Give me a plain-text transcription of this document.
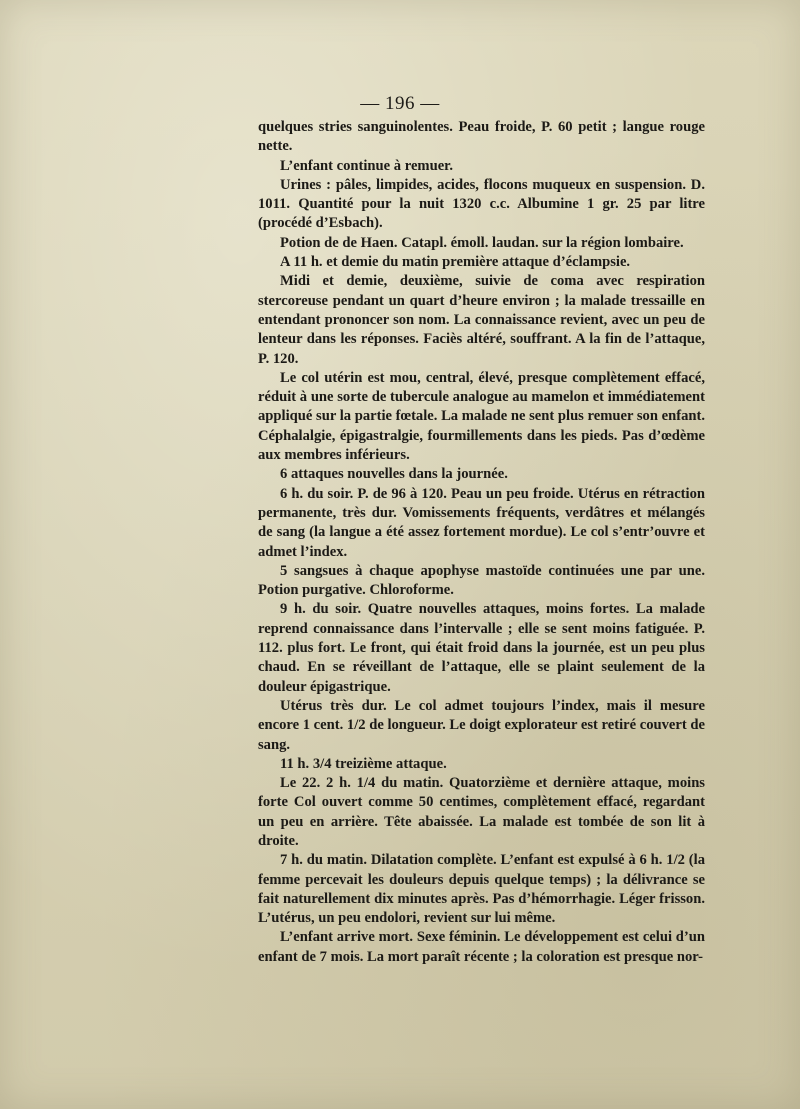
— 196 —

quelques stries sanguinolentes. Peau froide, P. 60 petit ; langue rouge nette.

L’enfant continue à remuer.

Urines : pâles, limpides, acides, flocons muqueux en suspension. D. 1011. Quantité pour la nuit 1320 c.c. Albumine 1 gr. 25 par litre (procédé d’Esbach).

Potion de de Haen. Catapl. émoll. laudan. sur la région lombaire.

A 11 h. et demie du matin première attaque d’éclampsie.

Midi et demie, deuxième, suivie de coma avec respiration stercoreuse pendant un quart d’heure environ ; la malade tressaille en entendant prononcer son nom. La connaissance revient, avec un peu de lenteur dans les réponses. Faciès altéré, souffrant. A la fin de l’attaque, P. 120.

Le col utérin est mou, central, élevé, presque complètement effacé, réduit à une sorte de tubercule analogue au mamelon et immédiatement appliqué sur la partie fœtale. La malade ne sent plus remuer son enfant. Céphalalgie, épigastralgie, fourmillements dans les pieds. Pas d’œdème aux membres inférieurs.

6 attaques nouvelles dans la journée.

6 h. du soir. P. de 96 à 120. Peau un peu froide. Utérus en rétraction permanente, très dur. Vomissements fréquents, verdâtres et mélangés de sang (la langue a été assez fortement mordue). Le col s’entr’ouvre et admet l’index.

5 sangsues à chaque apophyse mastoïde continuées une par une. Potion purgative. Chloroforme.

9 h. du soir. Quatre nouvelles attaques, moins fortes. La malade reprend connaissance dans l’intervalle ; elle se sent moins fatiguée. P. 112. plus fort. Le front, qui était froid dans la journée, est un peu plus chaud. En se réveillant de l’attaque, elle se plaint seulement de la douleur épigastrique.

Utérus très dur. Le col admet toujours l’index, mais il mesure encore 1 cent. 1/2 de longueur. Le doigt explorateur est retiré couvert de sang.

11 h. 3/4 treizième attaque.

Le 22. 2 h. 1/4 du matin. Quatorzième et dernière attaque, moins forte Col ouvert comme 50 centimes, complètement effacé, regardant un peu en arrière. Tête abaissée. La malade est tombée de son lit à droite.

7 h. du matin. Dilatation complète. L’enfant est expulsé à 6 h. 1/2 (la femme percevait les douleurs depuis quelque temps) ; la délivrance se fait naturellement dix minutes après. Pas d’hémorrhagie. Léger frisson. L’utérus, un peu endolori, revient sur lui même.

L’enfant arrive mort. Sexe féminin. Le développement est celui d’un enfant de 7 mois. La mort paraît récente ; la coloration est presque nor-
